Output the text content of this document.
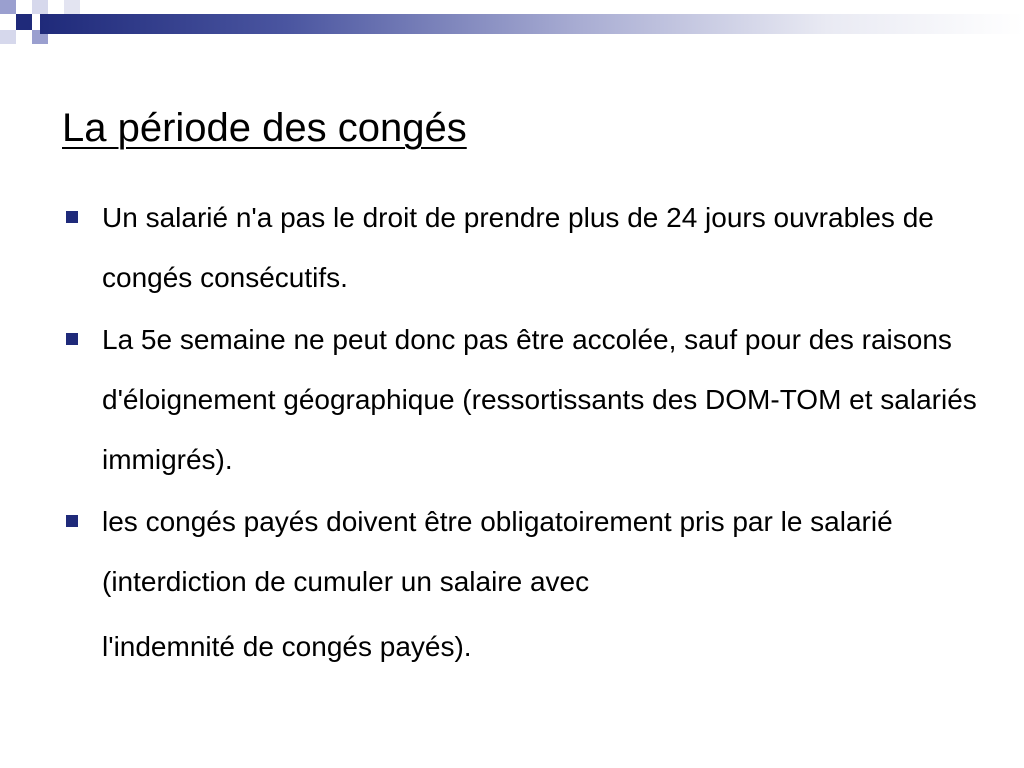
La période des congés
Un salarié n'a pas le droit de prendre plus de 24 jours ouvrables de congés consécutifs.
La 5e semaine ne peut donc pas être accolée, sauf pour des raisons d'éloignement géographique (ressortissants des DOM-TOM et salariés immigrés).
les congés payés doivent être obligatoirement pris par le salarié (interdiction de cumuler un salaire avec
l'indemnité de congés payés).
